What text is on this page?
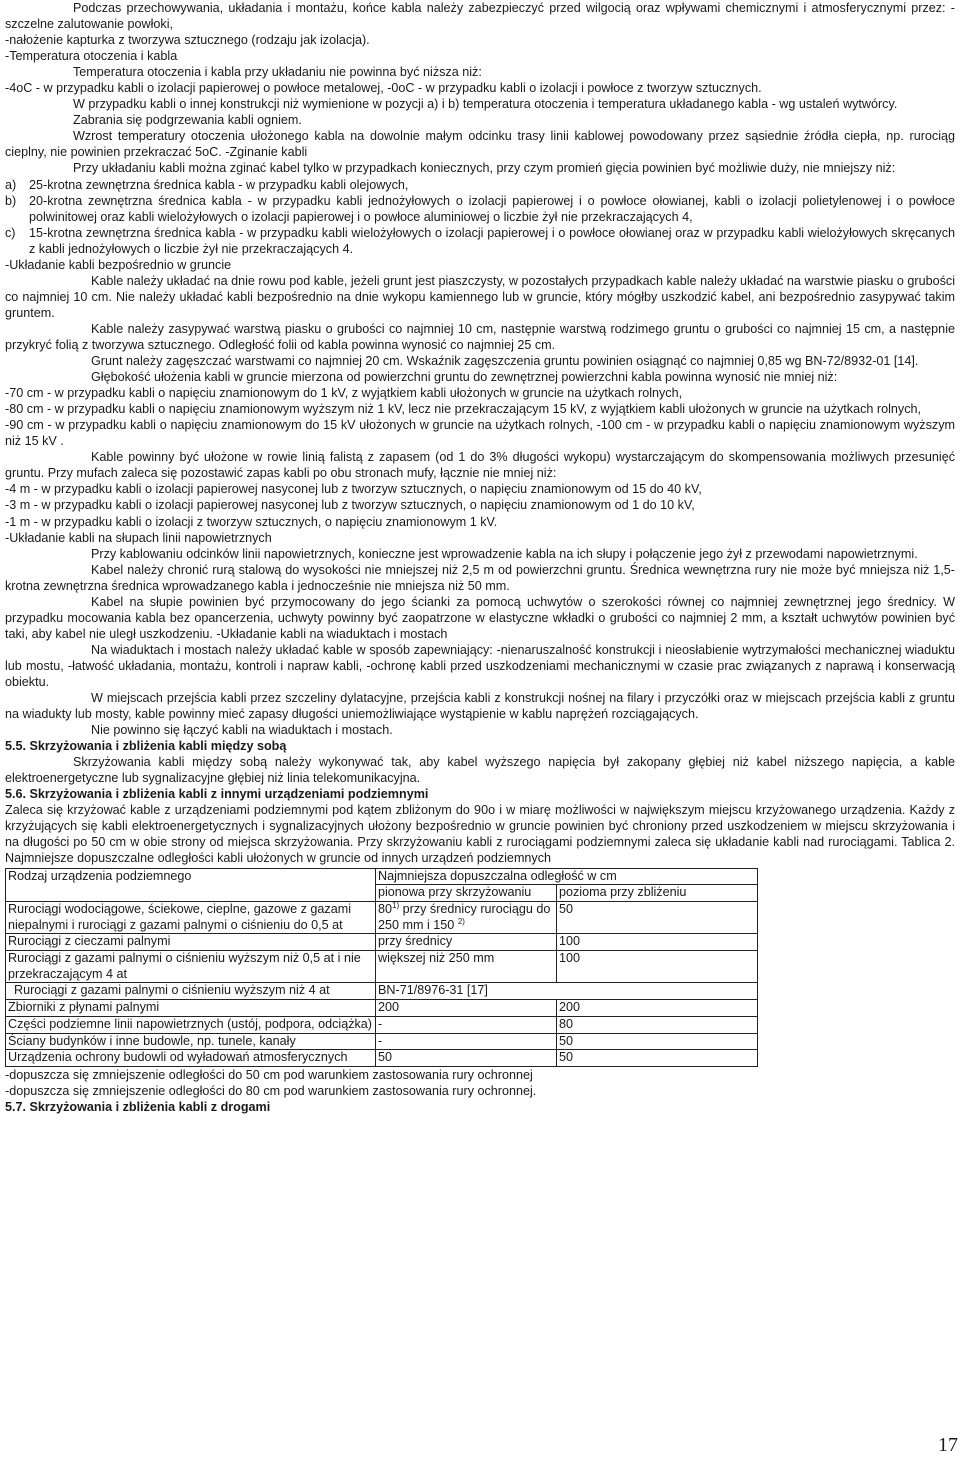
Podczas przechowywania, układania i montażu, końce kabla należy zabezpieczyć przed wilgocią oraz wpływami chemicznymi i atmosferycznymi przez: -szczelne zalutowanie powłoki,

-nałożenie kapturka z tworzywa sztucznego (rodzaju jak izolacja).

-Temperatura otoczenia i kabla

Temperatura otoczenia i kabla przy układaniu nie powinna być niższa niż:

-4oC - w przypadku kabli o izolacji papierowej o powłoce metalowej, -0oC - w przypadku kabli o izolacji i powłoce z tworzyw sztucznych.

W przypadku kabli o innej konstrukcji niż wymienione w pozycji a) i b) temperatura otoczenia i temperatura układanego kabla - wg ustaleń wytwórcy.

Zabrania się podgrzewania kabli ogniem.

Wzrost temperatury otoczenia ułożonego kabla na dowolnie małym odcinku trasy linii kablowej powodowany przez sąsiednie źródła ciepła, np. rurociąg cieplny, nie powinien przekraczać 5oC. -Zginanie kabli

Przy układaniu kabli można zginać kabel tylko w przypadkach koniecznych, przy czym promień gięcia powinien być możliwie duży, nie mniejszy niż:

a)	25-krotna zewnętrzna średnica kabla - w przypadku kabli olejowych,
b)	20-krotna zewnętrzna średnica kabla - w przypadku kabli jednożyłowych o izolacji papierowej i o powłoce ołowianej, kabli o izolacji polietylenowej i o powłoce polwinitowej oraz kabli wielożyłowych o izolacji papierowej i o powłoce aluminiowej o liczbie żył nie przekraczających 4,
c)	15-krotna zewnętrzna średnica kabla - w przypadku kabli wielożyłowych o izolacji papierowej i o powłoce ołowianej oraz w przypadku kabli wielożyłowych skręcanych z kabli jednożyłowych o liczbie żył nie przekraczających 4.

-Układanie kabli bezpośrednio w gruncie

Kable należy układać na dnie rowu pod kable, jeżeli grunt jest piaszczysty, w pozostałych przypadkach kable należy układać na warstwie piasku o grubości co najmniej 10 cm. Nie należy układać kabli bezpośrednio na dnie wykopu kamiennego lub w gruncie, który mógłby uszkodzić kabel, ani bezpośrednio zasypywać takim gruntem.

Kable należy zasypywać warstwą piasku o grubości co najmniej 10 cm, następnie warstwą rodzimego gruntu o grubości co najmniej 15 cm, a następnie przykryć folią z tworzywa sztucznego. Odległość folii od kabla powinna wynosić co najmniej 25 cm.

Grunt należy zagęszczać warstwami co najmniej 20 cm. Wskaźnik zagęszczenia gruntu powinien osiągnąć co najmniej 0,85 wg BN-72/8932-01 [14].

Głębokość ułożenia kabli w gruncie mierzona od powierzchni gruntu do zewnętrznej powierzchni kabla powinna wynosić nie mniej niż:

-70 cm - w przypadku kabli o napięciu znamionowym do 1 kV, z wyjątkiem kabli ułożonych w gruncie na użytkach rolnych,

-80 cm - w przypadku kabli o napięciu znamionowym wyższym niż 1 kV, lecz nie przekraczającym 15 kV, z wyjątkiem kabli ułożonych w gruncie na użytkach rolnych,

-90 cm - w przypadku kabli o napięciu znamionowym do 15 kV ułożonych w gruncie na użytkach rolnych, -100 cm - w przypadku kabli o napięciu znamionowym wyższym niż 15 kV .

Kable powinny być ułożone w rowie linią falistą z zapasem (od 1 do 3% długości wykopu) wystarczającym do skompensowania możliwych przesunięć gruntu. Przy mufach zaleca się pozostawić zapas kabli po obu stronach mufy, łącznie nie mniej niż:

-4 m - w przypadku kabli o izolacji papierowej nasyconej lub z tworzyw sztucznych, o napięciu znamionowym od 15 do 40 kV,

-3 m - w przypadku kabli o izolacji papierowej nasyconej lub z tworzyw sztucznych, o napięciu znamionowym od 1 do 10 kV,

-1 m - w przypadku kabli o izolacji z tworzyw sztucznych, o napięciu znamionowym 1 kV.

-Układanie kabli na słupach linii napowietrznych

Przy kablowaniu odcinków linii napowietrznych, konieczne jest wprowadzenie kabla na ich słupy i połączenie jego żył z przewodami napowietrznymi.

Kabel należy chronić rurą stalową do wysokości nie mniejszej niż 2,5 m od powierzchni gruntu. Średnica wewnętrzna rury nie może być mniejsza niż 1,5-krotna zewnętrzna średnica wprowadzanego kabla i jednocześnie nie mniejsza niż 50 mm.

Kabel na słupie powinien być przymocowany do jego ścianki za pomocą uchwytów o szerokości równej co najmniej zewnętrznej jego średnicy. W przypadku mocowania kabla bez opancerzenia, uchwyty powinny być zaopatrzone w elastyczne wkładki o grubości co najmniej 2 mm, a kształt uchwytów powinien być taki, aby kabel nie uległ uszkodzeniu. -Układanie kabli na wiaduktach i mostach

Na wiaduktach i mostach należy układać kable w sposób zapewniający: -nienaruszalność konstrukcji i nieosłabienie wytrzymałości mechanicznej wiaduktu lub mostu, -łatwość układania, montażu, kontroli i napraw kabli, -ochronę kabli przed uszkodzeniami mechanicznymi w czasie prac związanych z naprawą i konserwacją obiektu.

W miejscach przejścia kabli przez szczeliny dylatacyjne, przejścia kabli z konstrukcji nośnej na filary i przyczółki oraz w miejscach przejścia kabli z gruntu na wiadukty lub mosty, kable powinny mieć zapasy długości uniemożliwiające wystąpienie w kablu naprężeń rozciągających.

Nie powinno się łączyć kabli na wiaduktach i mostach.

5.5. Skrzyżowania i zbliżenia kabli między sobą

Skrzyżowania kabli między sobą należy wykonywać tak, aby kabel wyższego napięcia był zakopany głębiej niż kabel niższego napięcia, a kable elektroenergetyczne lub sygnalizacyjne głębiej niż linia telekomunikacyjna.

5.6. Skrzyżowania i zbliżenia kabli z innymi urządzeniami podziemnymi

Zaleca się krzyżować kable z urządzeniami podziemnymi pod kątem zbliżonym do 90o i w miarę możliwości w największym miejscu krzyżowanego urządzenia. Każdy z krzyżujących się kabli elektroenergetycznych i sygnalizacyjnych ułożony bezpośrednio w gruncie powinien być chroniony przed uszkodzeniem w miejscu skrzyżowania i na długości po 50 cm w obie strony od miejsca skrzyżowania. Przy skrzyżowaniu kabli z rurociągami podziemnymi zaleca się układanie kabli nad rurociągami. Tablica 2. Najmniejsze dopuszczalne odległości kabli ułożonych w gruncie od innych urządzeń podziemnych

Rodzaj urządzenia podziemnego	Najmniejsza dopuszczalna odległość w cm	
	pionowa przy skrzyżowaniu	pozioma przy zbliżeniu
Rurociągi wodociągowe, ściekowe, cieplne, gazowe z gazami niepalnymi i rurociągi z gazami palnymi o ciśnieniu do 0,5 at	80$^{1)}$ przy średnicy rurociągu do 250 mm i 150 $^{2)}$	50
Rurociągi z cieczami palnymi	przy średnicy	100
Rurociągi z gazami palnymi o ciśnieniu wyższym niż 0,5 at i nie przekraczającym 4 at	większej niż 250 mm	100
Rurociągi z gazami palnymi o ciśnieniu wyższym niż 4 at	BN-71/8976-31 [17]	
Zbiorniki z płynami palnymi	200	200
Części podziemne linii napowietrznych (ustój, podpora, odciążka)	-	80
Ściany budynków i inne budowle, np. tunele, kanały	-	50
Urządzenia ochrony budowli od wyładowań atmosferycznych	50	50

-dopuszcza się zmniejszenie odległości do 50 cm pod warunkiem zastosowania rury ochronnej

-dopuszcza się zmniejszenie odległości do 80 cm pod warunkiem zastosowania rury ochronnej.

5.7. Skrzyżowania i zbliżenia kabli z drogami

17
